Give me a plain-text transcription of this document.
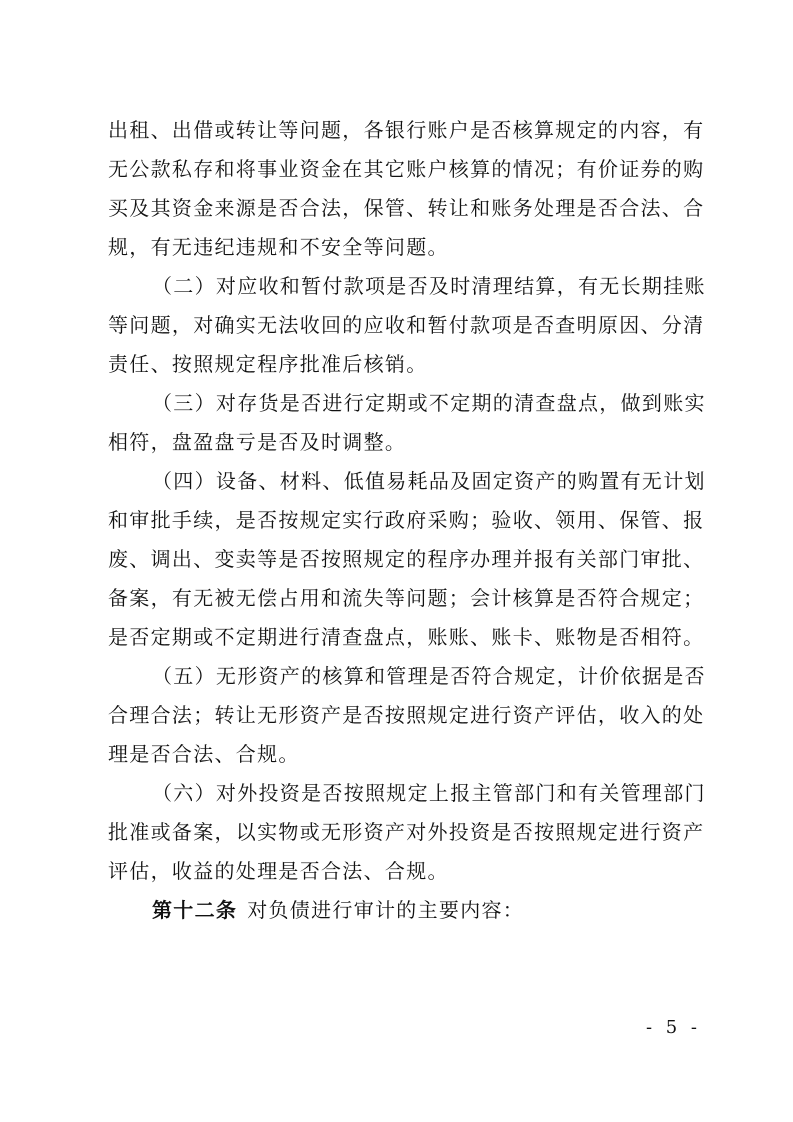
出租、出借或转让等问题，各银行账户是否核算规定的内容，有
无公款私存和将事业资金在其它账户核算的情况；有价证券的购
买及其资金来源是否合法，保管、转让和账务处理是否合法、合
规，有无违纪违规和不安全等问题。
（二）对应收和暂付款项是否及时清理结算，有无长期挂账
等问题，对确实无法收回的应收和暂付款项是否查明原因、分清
责任、按照规定程序批准后核销。
（三）对存货是否进行定期或不定期的清查盘点，做到账实
相符，盘盈盘亏是否及时调整。
（四）设备、材料、低值易耗品及固定资产的购置有无计划
和审批手续，是否按规定实行政府采购；验收、领用、保管、报
废、调出、变卖等是否按照规定的程序办理并报有关部门审批、
备案，有无被无偿占用和流失等问题；会计核算是否符合规定；
是否定期或不定期进行清查盘点，账账、账卡、账物是否相符。
（五）无形资产的核算和管理是否符合规定，计价依据是否
合理合法；转让无形资产是否按照规定进行资产评估，收入的处
理是否合法、合规。
（六）对外投资是否按照规定上报主管部门和有关管理部门
批准或备案，以实物或无形资产对外投资是否按照规定进行资产
评估，收益的处理是否合法、合规。
第十二条 对负债进行审计的主要内容：
- 5 -
